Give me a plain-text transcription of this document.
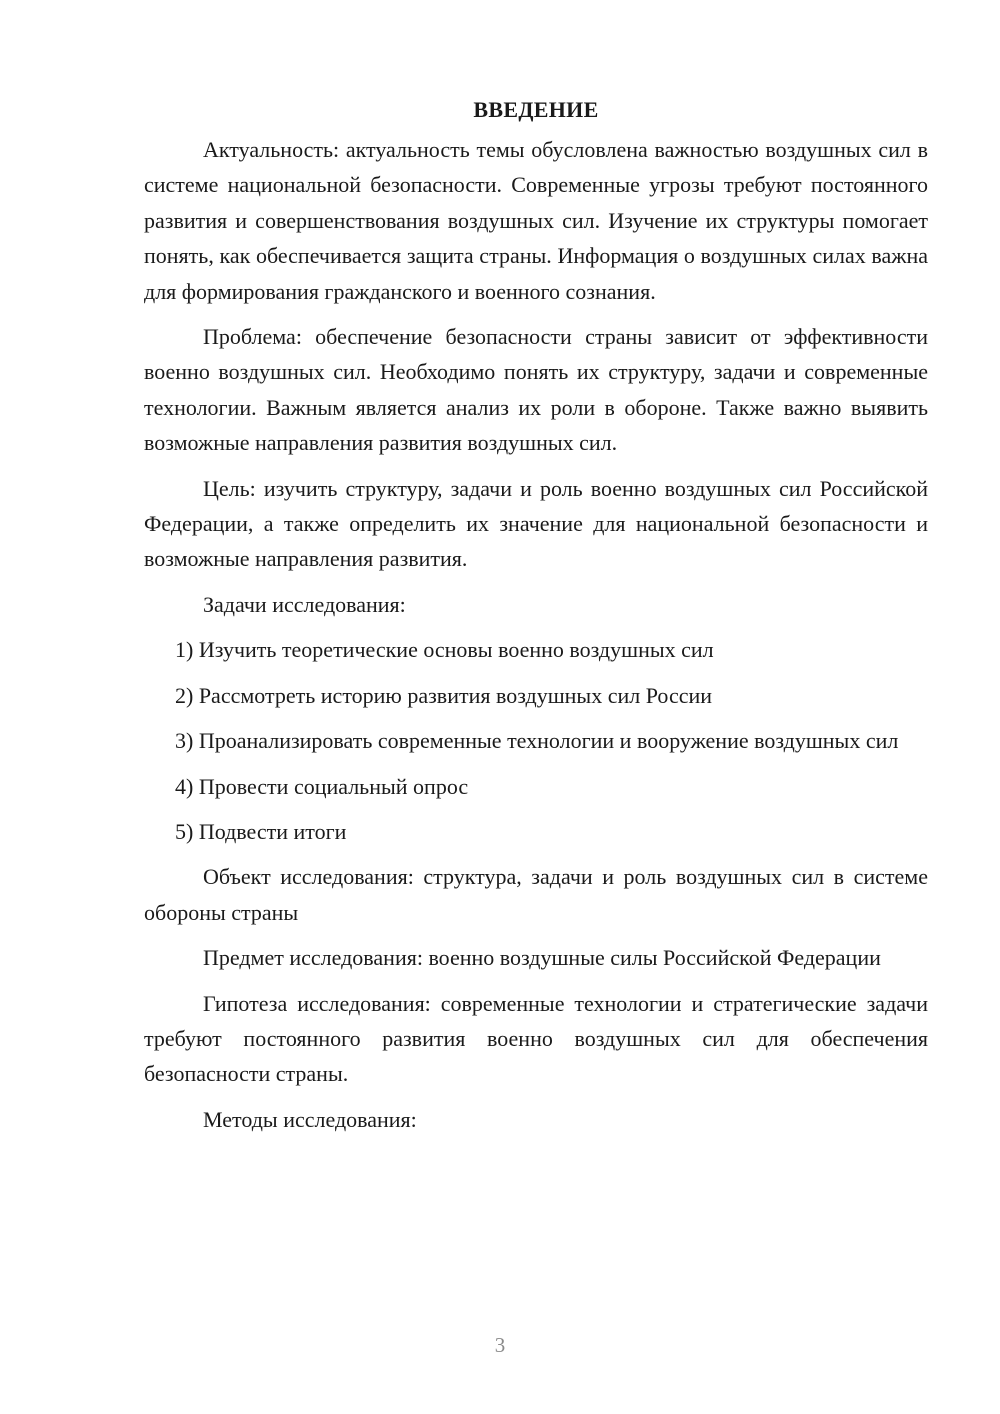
ВВЕДЕНИЕ

Актуальность: актуальность темы обусловлена важностью воздушных сил в системе национальной безопасности. Современные угрозы требуют постоянного развития и совершенствования воздушных сил. Изучение их структуры помогает понять, как обеспечивается защита страны. Информация о воздушных силах важна для формирования гражданского и военного сознания.

Проблема: обеспечение безопасности страны зависит от эффективности военно воздушных сил. Необходимо понять их структуру, задачи и современные технологии. Важным является анализ их роли в обороне. Также важно выявить возможные направления развития воздушных сил.

Цель: изучить структуру, задачи и роль военно воздушных сил Российской Федерации, а также определить их значение для национальной безопасности и возможные направления развития.

Задачи исследования:

1) Изучить теоретические основы военно воздушных сил

2) Рассмотреть историю развития воздушных сил России

3) Проанализировать современные технологии и вооружение воздушных сил

4) Провести социальный опрос

5) Подвести итоги

Объект исследования: структура, задачи и роль воздушных сил в системе обороны страны

Предмет исследования: военно воздушные силы Российской Федерации

Гипотеза исследования: современные технологии и стратегические задачи требуют постоянного развития военно воздушных сил для обеспечения безопасности страны.

Методы исследования:

3
